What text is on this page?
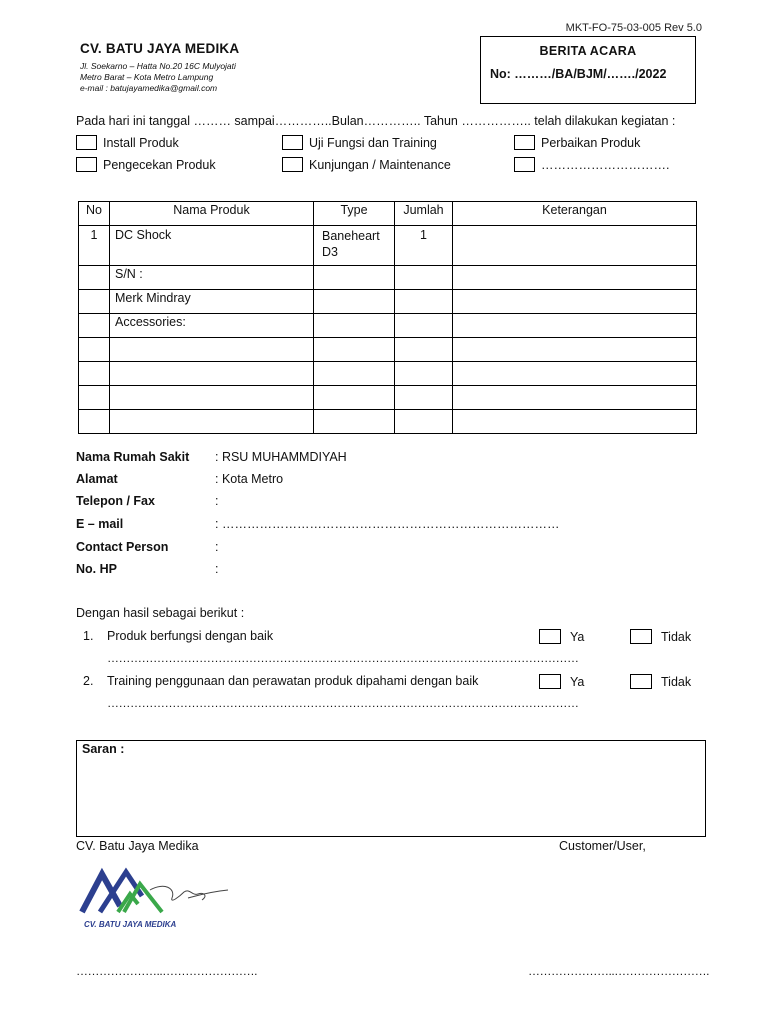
MKT-FO-75-03-005 Rev 5.0
CV. BATU JAYA MEDIKA
Jl. Soekarno – Hatta No.20 16C Mulyojati
Metro Barat – Kota Metro Lampung
e-mail : batujayamedika@gmail.com
BERITA ACARA
No: ………/BA/BJM/……./2022
Pada hari ini tanggal ……… sampai…………..Bulan………….. Tahun …………….. telah dilakukan kegiatan :
Install Produk	Uji Fungsi dan Training	Perbaikan Produk
Pengecekan Produk	Kunjungan / Maintenance	………………………….
No	Nama Produk	Type	Jumlah	Keterangan
1	DC Shock	Baneheart D3	1	
	S/N :			
	Merk Mindray			
	Accessories:			

Nama Rumah Sakit : RSU MUHAMMDIYAH
Alamat	: Kota Metro
Telepon / Fax	:
E – mail	: ………………………………………………………………………
Contact Person	:
No. HP	:
Dengan hasil sebagai berikut :
1. Produk berfungsi dengan baik	Ya	Tidak
……………………………………………………………………………………………………………
2. Training penggunaan dan perawatan produk dipahami dengan baik	Ya	Tidak
……………………………………………………………………………………………………………
Saran :
CV. Batu Jaya Medika	Customer/User,
CV. BATU JAYA MEDIKA
…………………..…………………….	…………………..…………………….
